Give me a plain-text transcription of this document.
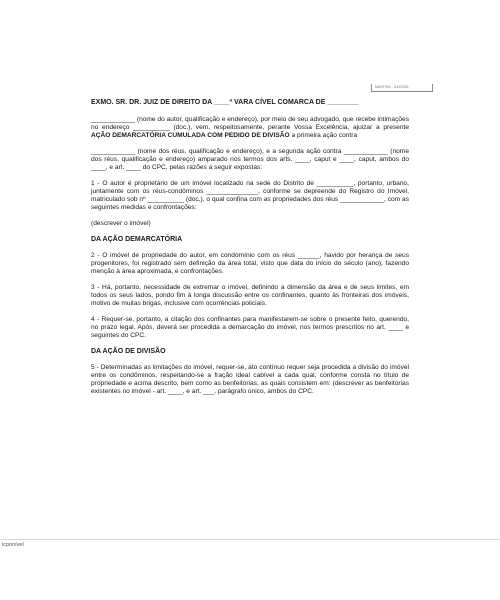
MARTINS - ILEGÍVEL

EXMO. SR. DR. JUIZ DE DIREITO DA ____ª VARA CÍVEL COMARCA DE ________

____________ (nome do autor, qualificação e endereço), por meio de seu advogado, que recebe intimações no endereço __________ (doc.), vem, respeitosamente, perante Vossa Excelência, ajuizar a presente AÇÃO DEMARCATÓRIA CUMULADA COM PEDIDO DE DIVISÃO a primeira ação contra

____________ (nome dos réus, qualificação e endereço), e a segunda ação contra ____________ (nome dos réus, qualificação e endereço) amparado nos termos dos arts. ____, caput e ____, caput, ambos do ____, e art. ____ do CPC, pelas razões a seguir expostas:

1 - O autor é proprietário de um imóvel localizado na sede do Distrito de __________, portanto, urbano, juntamente com os réus-condôminos ______________, conforme se depreende do Registro do Imóvel, matriculado sob nº __________ (doc.), o qual confina com as propriedades dos réus ____________, com as seguintes medidas e confrontações:

(descrever o imóvel)

DA AÇÃO DEMARCATÓRIA

2 - O imóvel de propriedade do autor, em condomínio com os réus ______, havido por herança de seus progenitores, foi registrado sem definição da área total, visto que data do início do século (ano), fazendo menção à área aproximada, e confrontações.

3 - Há, portanto, necessidade de extremar o imóvel, definindo a dimensão da área e de seus limites, em todos os seus lados, pondo fim à longa discussão entre os confinantes, quanto às fronteiras dos imóveis, motivo de muitas brigas, inclusive com ocorrências policiais.

4 - Requer-se, portanto, a citação dos confinantes para manifestarem-se sobre o presente feito, querendo, no prazo legal. Após, deverá ser procedida a demarcação do imóvel, nos termos prescritos no art. ____ e seguintes do CPC.

DA AÇÃO DE DIVISÃO

5 - Determinadas as limitações do imóvel, requer-se, ato contínuo requer seja procedida a divisão do imóvel entre os condôminos, respeitando-se a fração ideal cabível a cada qual, conforme consta no título de propriedade e acima descrito, bem como as benfeitorias, as quais consistem em: (descrever as benfeitorias existentes no imóvel - art. ____, e art. ___, parágrafo único, ambos do CPC.

icponível
